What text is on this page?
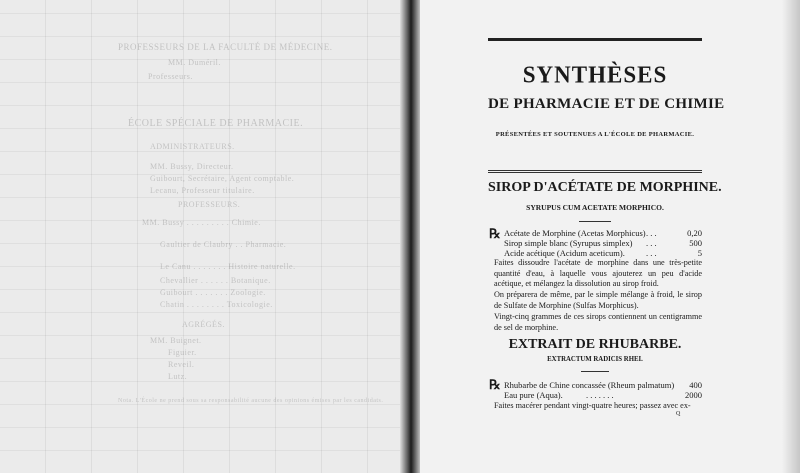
PROFESSEURS DE LA FACULTÉ DE MÉDECINE.
MM. Duméril.
Professeurs.
ÉCOLE SPÉCIALE DE PHARMACIE.
ADMINISTRATEURS.
MM. Bussy, Directeur.
Guibourt, Secrétaire, Agent comptable.
Lecanu, Professeur titulaire.
PROFESSEURS.
MM. Bussy . . . . . . . . . Chimie.
Gaultier de Claubry . . Pharmacie.
Le Canu . . . . . . . Histoire naturelle.
Chevallier . . . . . . Botanique.
Guibourt . . . . . . . Zoologie.
Chatin . . . . . . . . Toxicologie.
AGRÉGÉS.
MM. Buignet.
Figuier.
Reveil.
Lutz.
Nota. L'École ne prend sous sa responsabilité aucune des opinions émises par les candidats.
SYNTHÈSES
DE PHARMACIE ET DE CHIMIE
PRÉSENTÉES ET SOUTENUES A L'ÉCOLE DE PHARMACIE.
SIROP D'ACÉTATE DE MORPHINE.
SYRUPUS CUM ACETATE MORPHICO.
℞ Acétate de Morphine (Acetas Morphicus) . . .	0,20
Sirop simple blanc (Syrupus simplex) . . .	500
Acide acétique (Acidum aceticum). . . .	5
Faites dissoudre l'acétate de morphine dans une très-petite quantité d'eau, à laquelle vous ajouterez un peu d'acide acétique, et mélangez la dissolution au sirop froid.
On préparera de même, par le simple mélange à froid, le sirop de Sulfate de Morphine (Sulfas Morphicus).
Vingt-cinq grammes de ces sirops contiennent un centigramme de sel de morphine.
EXTRAIT DE RHUBARBE.
EXTRACTUM RADICIS RHEI.
℞ Rhubarbe de Chine concassée (Rheum palmatum)	400
Eau pure (Aqua).	. . . . . . .	2000
Faites macérer pendant vingt-quatre heures; passez avec ex-
Q
